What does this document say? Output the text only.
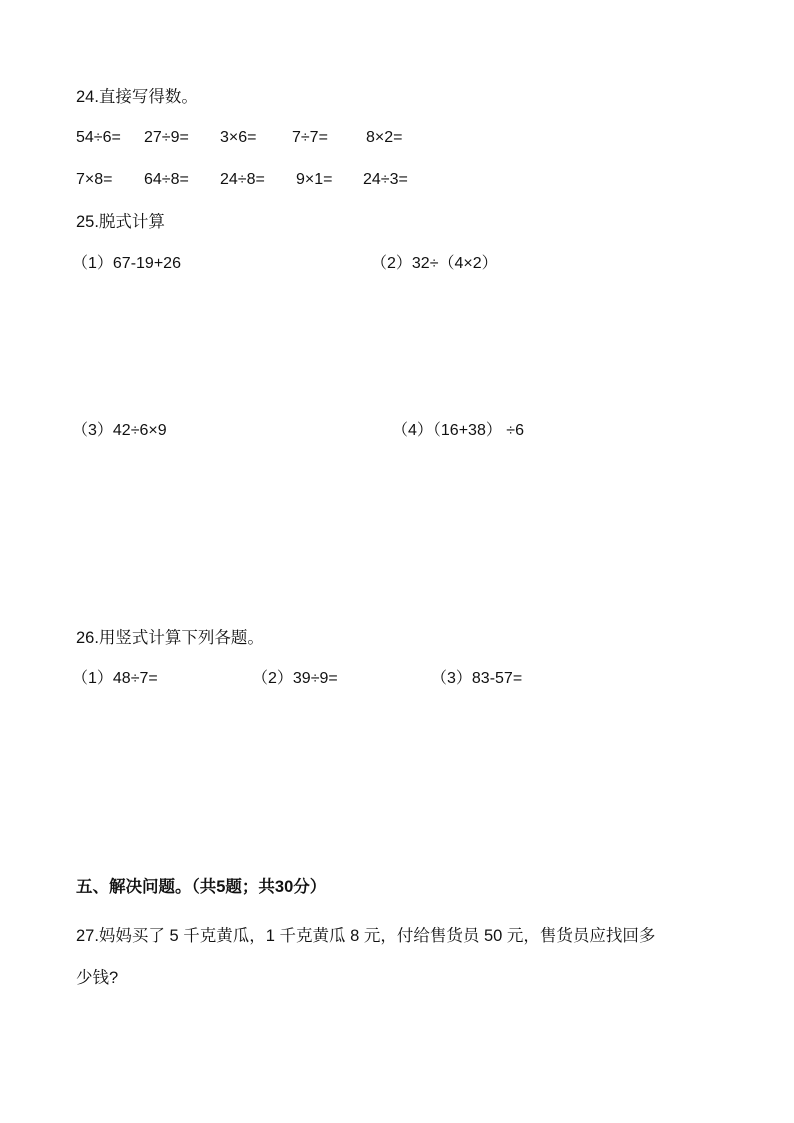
24.直接写得数。
54÷6= 27÷9= 3×6= 7÷7= 8×2=
7×8= 64÷8= 24÷8= 9×1= 24÷3=
25.脱式计算
（1）67-19+26	（2）32÷（4×2）
（3）42÷6×9	（4）（16+38） ÷6
26.用竖式计算下列各题。
（1）48÷7=	（2）39÷9=	（3）83-57=
五、解决问题。（共5题；共30分）
27.妈妈买了 5 千克黄瓜，1 千克黄瓜 8 元，付给售货员 50 元，售货员应找回多
少钱?
